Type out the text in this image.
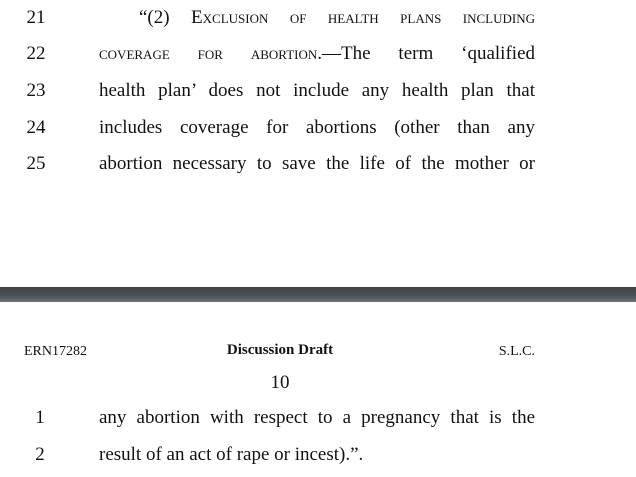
21	“(2) Exclusion of health plans including
22	coverage for abortion.—The term ‘qualified
23	health plan’ does not include any health plan that
24	includes coverage for abortions (other than any
25	abortion necessary to save the life of the mother or
ERN17282	Discussion Draft	S.L.C.
10
1	any abortion with respect to a pregnancy that is the
2	result of an act of rape or incest).”.
